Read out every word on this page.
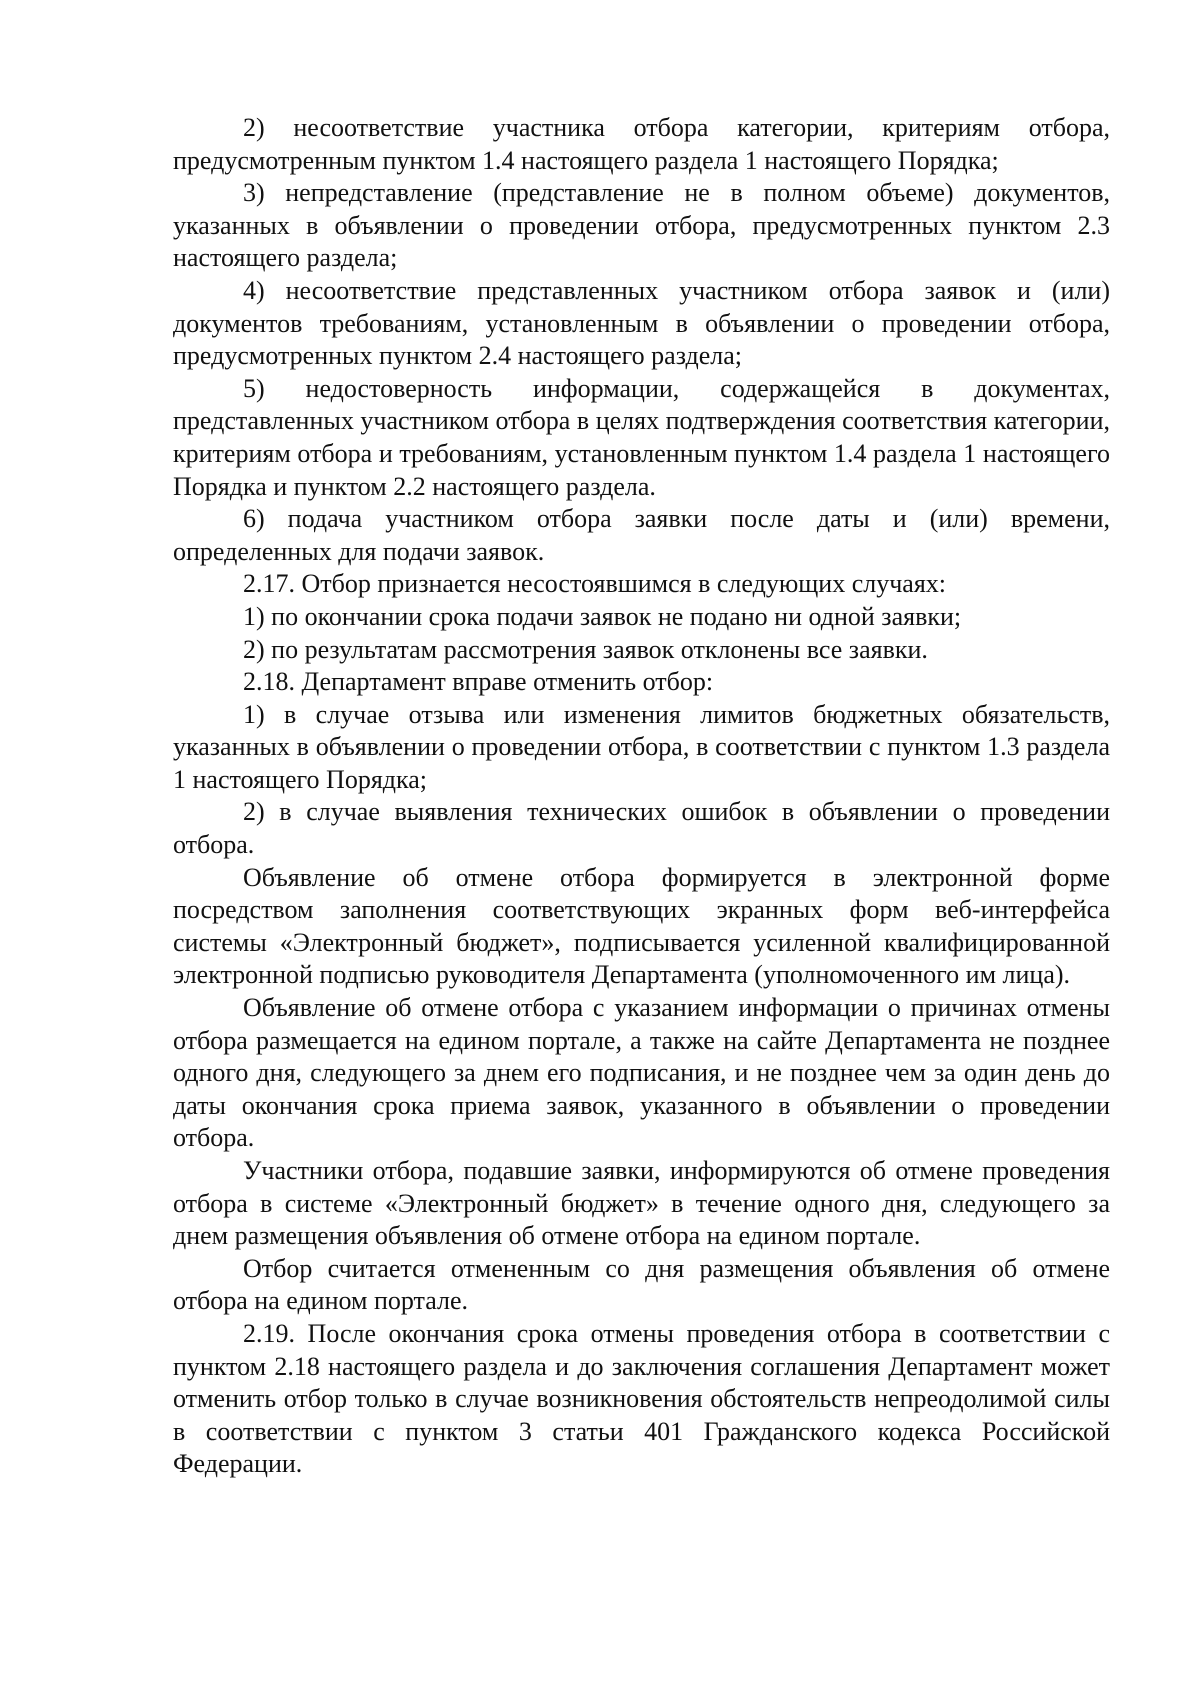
2) несоответствие участника отбора категории, критериям отбора, предусмотренным пунктом 1.4 настоящего раздела 1 настоящего Порядка;

3) непредставление (представление не в полном объеме) документов, указанных в объявлении о проведении отбора, предусмотренных пунктом 2.3 настоящего раздела;

4) несоответствие представленных участником отбора заявок и (или) документов требованиям, установленным в объявлении о проведении отбора, предусмотренных пунктом 2.4 настоящего раздела;

5) недостоверность информации, содержащейся в документах, представленных участником отбора в целях подтверждения соответствия категории, критериям отбора и требованиям, установленным пунктом 1.4 раздела 1 настоящего Порядка и пунктом 2.2 настоящего раздела.

6) подача участником отбора заявки после даты и (или) времени, определенных для подачи заявок.

2.17. Отбор признается несостоявшимся в следующих случаях:

1) по окончании срока подачи заявок не подано ни одной заявки;

2) по результатам рассмотрения заявок отклонены все заявки.

2.18. Департамент вправе отменить отбор:

1) в случае отзыва или изменения лимитов бюджетных обязательств, указанных в объявлении о проведении отбора, в соответствии с пунктом 1.3 раздела 1 настоящего Порядка;

2) в случае выявления технических ошибок в объявлении о проведении отбора.

Объявление об отмене отбора формируется в электронной форме посредством заполнения соответствующих экранных форм веб-интерфейса системы «Электронный бюджет», подписывается усиленной квалифицированной электронной подписью руководителя Департамента (уполномоченного им лица).

Объявление об отмене отбора с указанием информации о причинах отмены отбора размещается на едином портале, а также на сайте Департамента не позднее одного дня, следующего за днем его подписания, и не позднее чем за один день до даты окончания срока приема заявок, указанного в объявлении о проведении отбора.

Участники отбора, подавшие заявки, информируются об отмене проведения отбора в системе «Электронный бюджет» в течение одного дня, следующего за днем размещения объявления об отмене отбора на едином портале.

Отбор считается отмененным со дня размещения объявления об отмене отбора на едином портале.

2.19. После окончания срока отмены проведения отбора в соответствии с пунктом 2.18 настоящего раздела и до заключения соглашения Департамент может отменить отбор только в случае возникновения обстоятельств непреодолимой силы в соответствии с пунктом 3 статьи 401 Гражданского кодекса Российской Федерации.
